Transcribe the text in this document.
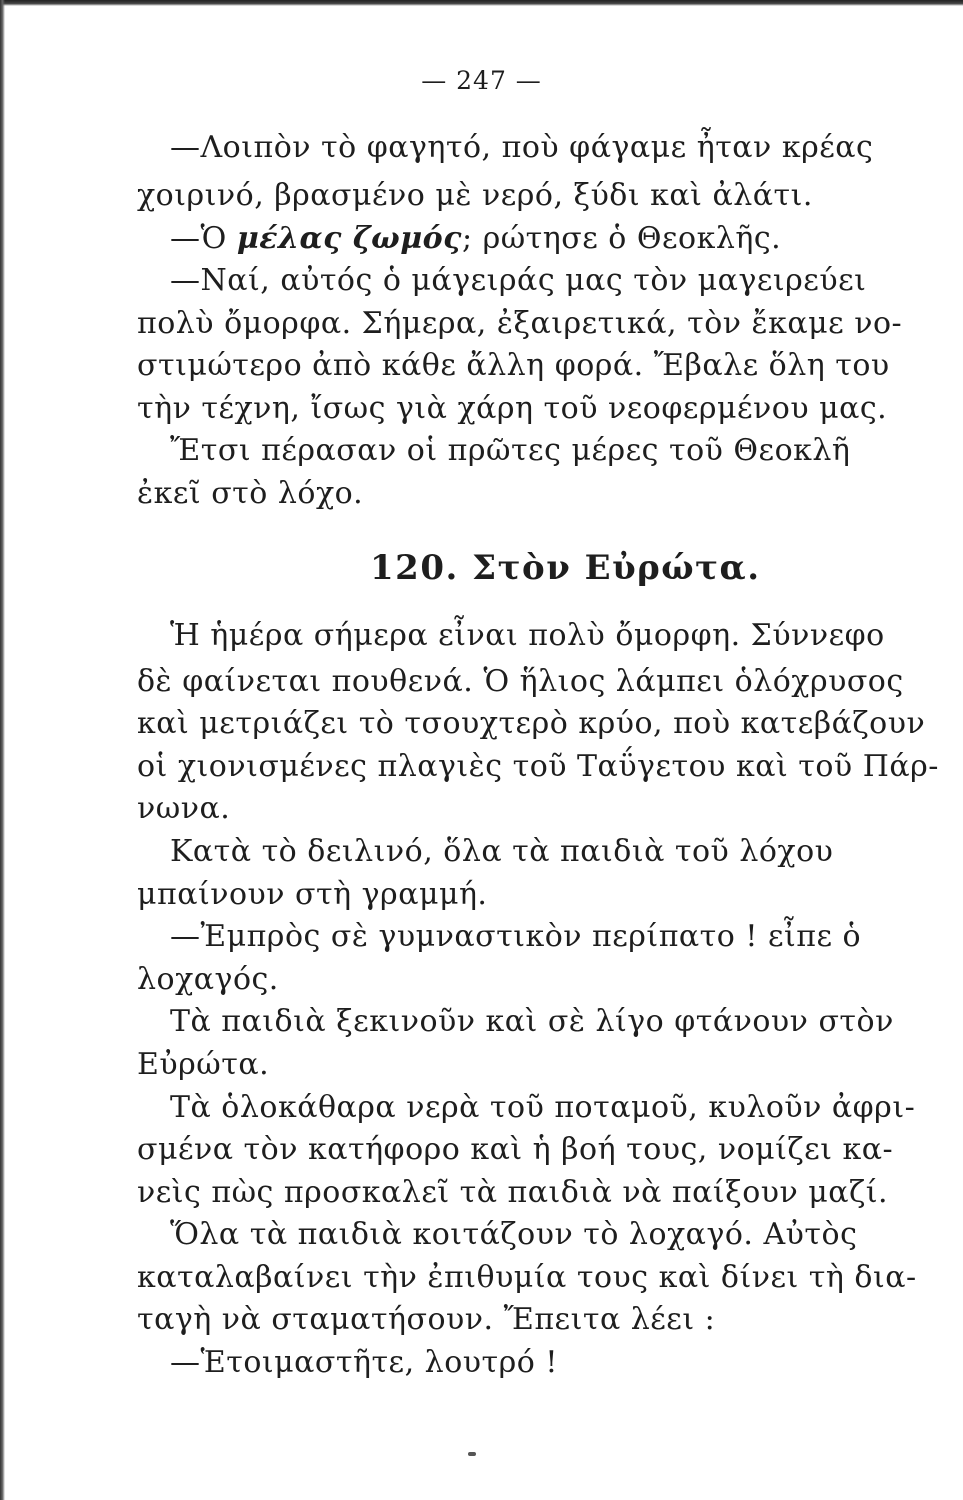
— 247 —
—Λοιπὸν τὸ φαγητό, ποὺ φάγαμε ἦταν κρέας
χοιρινό, βρασμένο μὲ νερό, ξύδι καὶ ἀλάτι.
—Ὁ μέλας ζωμός; ρώτησε ὁ Θεοκλῆς.
—Ναί, αὐτός ὁ μάγειράς μας τὸν μαγειρεύει
πολὺ ὄμορφα. Σήμερα, ἐξαιρετικά, τὸν ἔκαμε νο-
στιμώτερο ἀπὸ κάθε ἄλλη φορά. Ἔβαλε ὅλη του
τὴν τέχνη, ἴσως γιὰ χάρη τοῦ νεοφερμένου μας.
Ἔτσι πέρασαν οἱ πρῶτες μέρες τοῦ Θεοκλῆ
ἐκεῖ στὸ λόχο.
120. Στὸν Εὐρώτα.
Ἡ ἡμέρα σήμερα εἶναι πολὺ ὄμορφη. Σύννεφο
δὲ φαίνεται πουθενά. Ὁ ἥλιος λάμπει ὁλόχρυσος
καὶ μετριάζει τὸ τσουχτερὸ κρύο, ποὺ κατεβάζουν
οἱ χιονισμένες πλαγιὲς τοῦ Ταΰγετου καὶ τοῦ Πάρ-
νωνα.
Κατὰ τὸ δειλινό, ὅλα τὰ παιδιὰ τοῦ λόχου
μπαίνουν στὴ γραμμή.
—Ἐμπρὸς σὲ γυμναστικὸν περίπατο ! εἶπε ὁ
λοχαγός.
Τὰ παιδιὰ ξεκινοῦν καὶ σὲ λίγο φτάνουν στὸν
Εὐρώτα.
Τὰ ὁλοκάθαρα νερὰ τοῦ ποταμοῦ, κυλοῦν ἀφρι-
σμένα τὸν κατήφορο καὶ ἡ βοή τους, νομίζει κα-
νεὶς πὼς προσκαλεῖ τὰ παιδιὰ νὰ παίξουν μαζί.
Ὅλα τὰ παιδιὰ κοιτάζουν τὸ λοχαγό. Αὐτὸς
καταλαβαίνει τὴν ἐπιθυμία τους καὶ δίνει τὴ δια-
ταγὴ νὰ σταματήσουν. Ἔπειτα λέει :
—Ἑτοιμαστῆτε, λουτρό !
